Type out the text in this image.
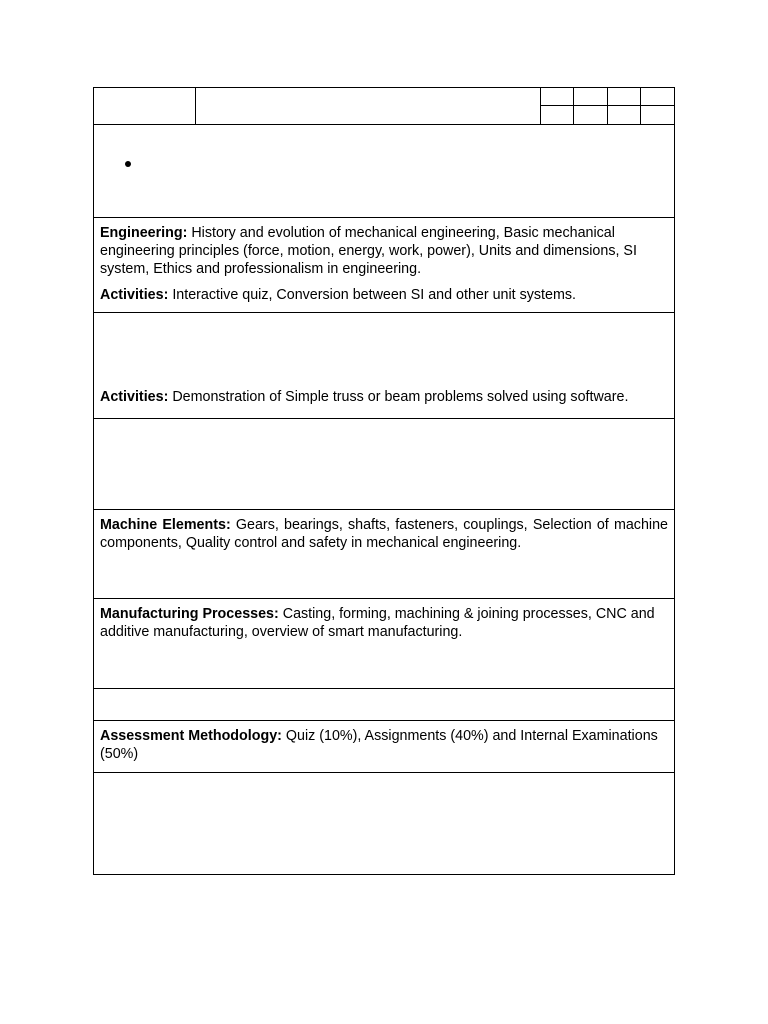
Engineering: History and evolution of mechanical engineering, Basic mechanical engineering principles (force, motion, energy, work, power), Units and dimensions, SI system, Ethics and professionalism in engineering.

Activities: Interactive quiz, Conversion between SI and other unit systems.

Activities: Demonstration of Simple truss or beam problems solved using software.

Machine Elements: Gears, bearings, shafts, fasteners, couplings, Selection of machine components, Quality control and safety in mechanical engineering.

Manufacturing Processes: Casting, forming, machining & joining processes, CNC and additive manufacturing, overview of smart manufacturing.

Assessment Methodology: Quiz (10%), Assignments (40%) and Internal Examinations (50%)
